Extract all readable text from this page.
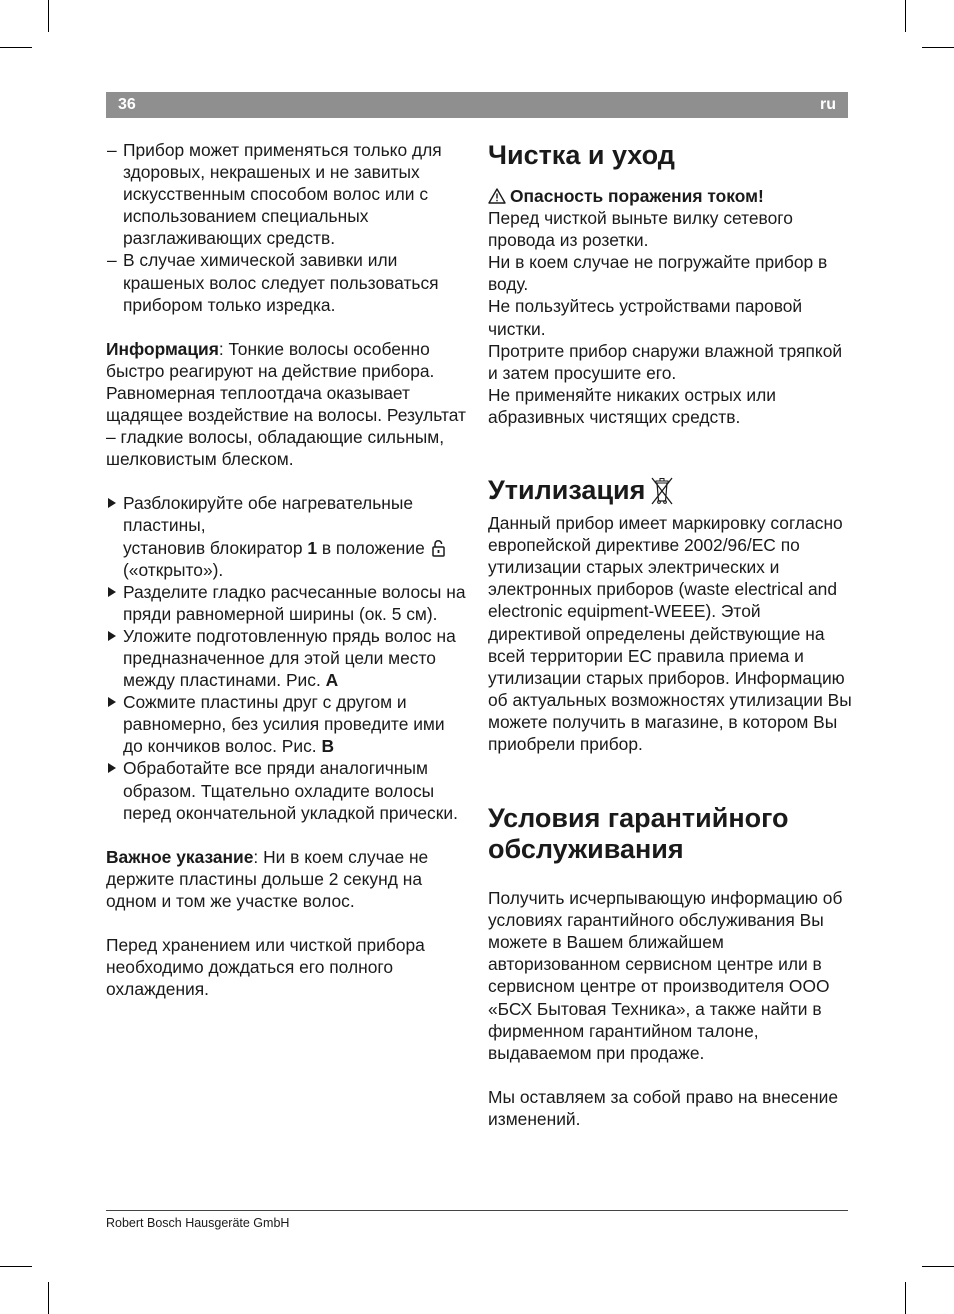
36	ru

– Прибор может применяться только для здоровых, некрашеных и не завитых искусственным способом волос или с использованием специальных разглаживающих средств.

– В случае химической завивки или крашеных волос следует пользоваться прибором только изредка.

Информация: Тонкие волосы особенно быстро реагируют на действие прибора. Равномерная теплоотдача оказывает щадящее воздействие на волосы. Результат – гладкие волосы, обладающие сильным, шелковистым блеском.

Разблокируйте обе нагревательные пластины,
установив блокиратор 1 в положение
(«открыто»).

Разделите гладко расчесанные волосы на пряди равномерной ширины (ок. 5 см).

Уложите подготовленную прядь волос на предназначенное для этой цели место между пластинами. Рис. A

Сожмите пластины друг с другом и равномерно, без усилия проведите ими до кончиков волос. Рис. B

Обработайте все пряди аналогичным образом. Тщательно охладите волосы перед окончательной укладкой прически.

Важное указание: Ни в коем случае не держите пластины дольше 2 секунд на одном и том же участке волос.

Перед хранением или чисткой прибора необходимо дождаться его полного охлаждения.

Чистка и уход

Опасность поражения током!

Перед чисткой выньте вилку сетевого провода из розетки.

Ни в коем случае не погружайте прибор в воду.

Не пользуйтесь устройствами паровой чистки.

Протрите прибор снаружи влажной тряпкой и затем просушите его.

Не применяйте никаких острых или абразивных чистящих средств.

Утилизация

Данный прибор имеет маркировку согласно европейской директиве 2002/96/ЕС по утилизации старых электрических и электронных приборов (waste electrical and electronic equipment-WEEE). Этой директивой определены действующие на всей территории ЕС правила приема и утилизации старых приборов. Информацию об актуальных возможностях утилизации Вы можете получить в магазине, в котором Вы приобрели прибор.

Условия гарантийного обслуживания

Получить исчерпывающую информацию об условиях гарантийного обслуживания Вы можете в Вашем ближайшем авторизованном сервисном центре или в сервисном центре от производителя ООО «БСХ Бытовая Техника», а также найти в фирменном гарантийном талоне, выдаваемом при продаже.

Мы оставляем за собой право на внесение изменений.

Robert Bosch Hausgeräte GmbH
